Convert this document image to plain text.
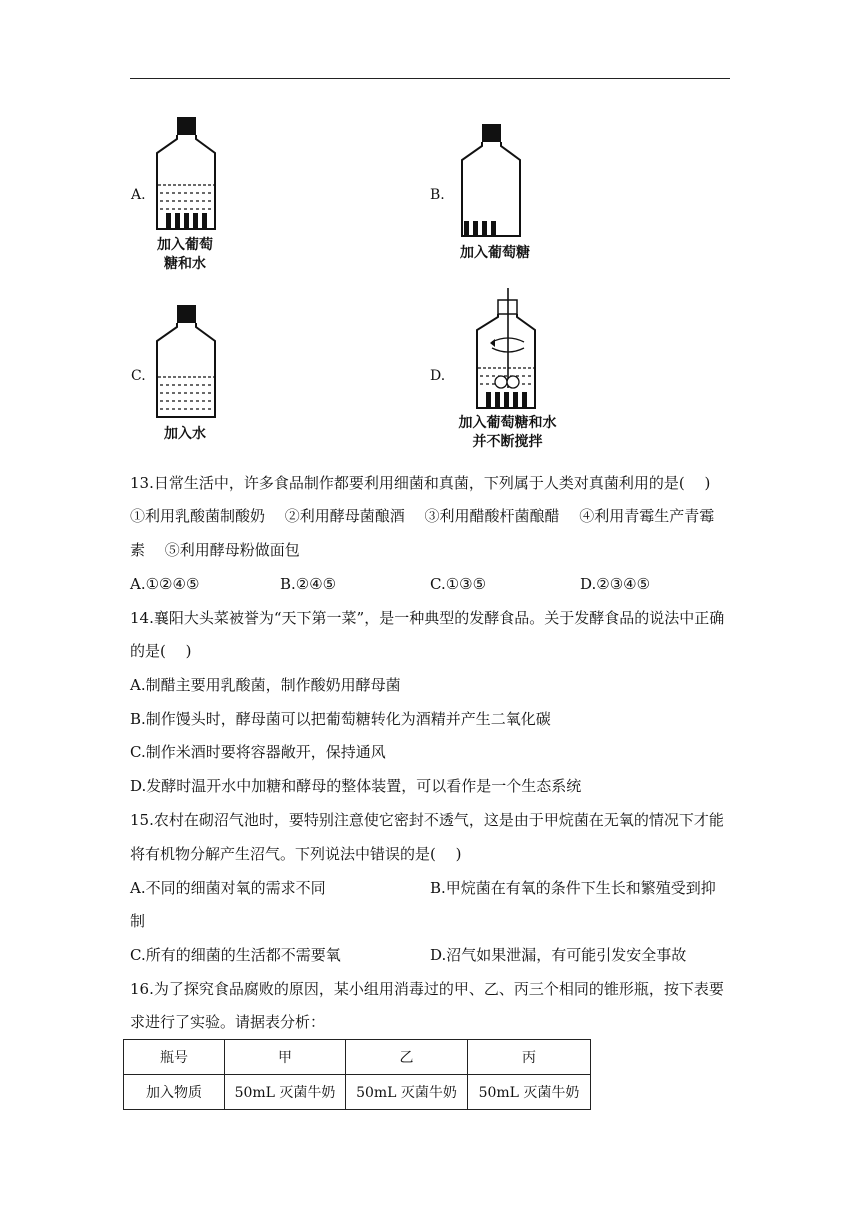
A.
加入葡萄
糖和水
B.
加入葡萄糖
C.
加入水
D.
加入葡萄糖和水
并不断搅拌
13.日常生活中，许多食品制作都要利用细菌和真菌，下列属于人类对真菌利用的是(　 )
①利用乳酸菌制酸奶　 ②利用酵母菌酿酒　 ③利用醋酸杆菌酿醋　 ④利用青霉生产青霉
素　 ⑤利用酵母粉做面包
A.①②④⑤	B.②④⑤	C.①③⑤	D.②③④⑤
14.襄阳大头菜被誉为“天下第一菜”，是一种典型的发酵食品。关于发酵食品的说法中正确
的是(　 )
A.制醋主要用乳酸菌，制作酸奶用酵母菌
B.制作馒头时，酵母菌可以把葡萄糖转化为酒精并产生二氧化碳
C.制作米酒时要将容器敞开，保持通风
D.发酵时温开水中加糖和酵母的整体装置，可以看作是一个生态系统
15.农村在砌沼气池时，要特别注意使它密封不透气，这是由于甲烷菌在无氧的情况下才能
将有机物分解产生沼气。下列说法中错误的是(　 )
A.不同的细菌对氧的需求不同	B.甲烷菌在有氧的条件下生长和繁殖受到抑
制
C.所有的细菌的生活都不需要氧	D.沼气如果泄漏，有可能引发安全事故
16.为了探究食品腐败的原因，某小组用消毒过的甲、乙、丙三个相同的锥形瓶，按下表要
求进行了实验。请据表分析：
瓶号	甲	乙	丙
加入物质	50mL 灭菌牛奶	50mL 灭菌牛奶	50mL 灭菌牛奶
